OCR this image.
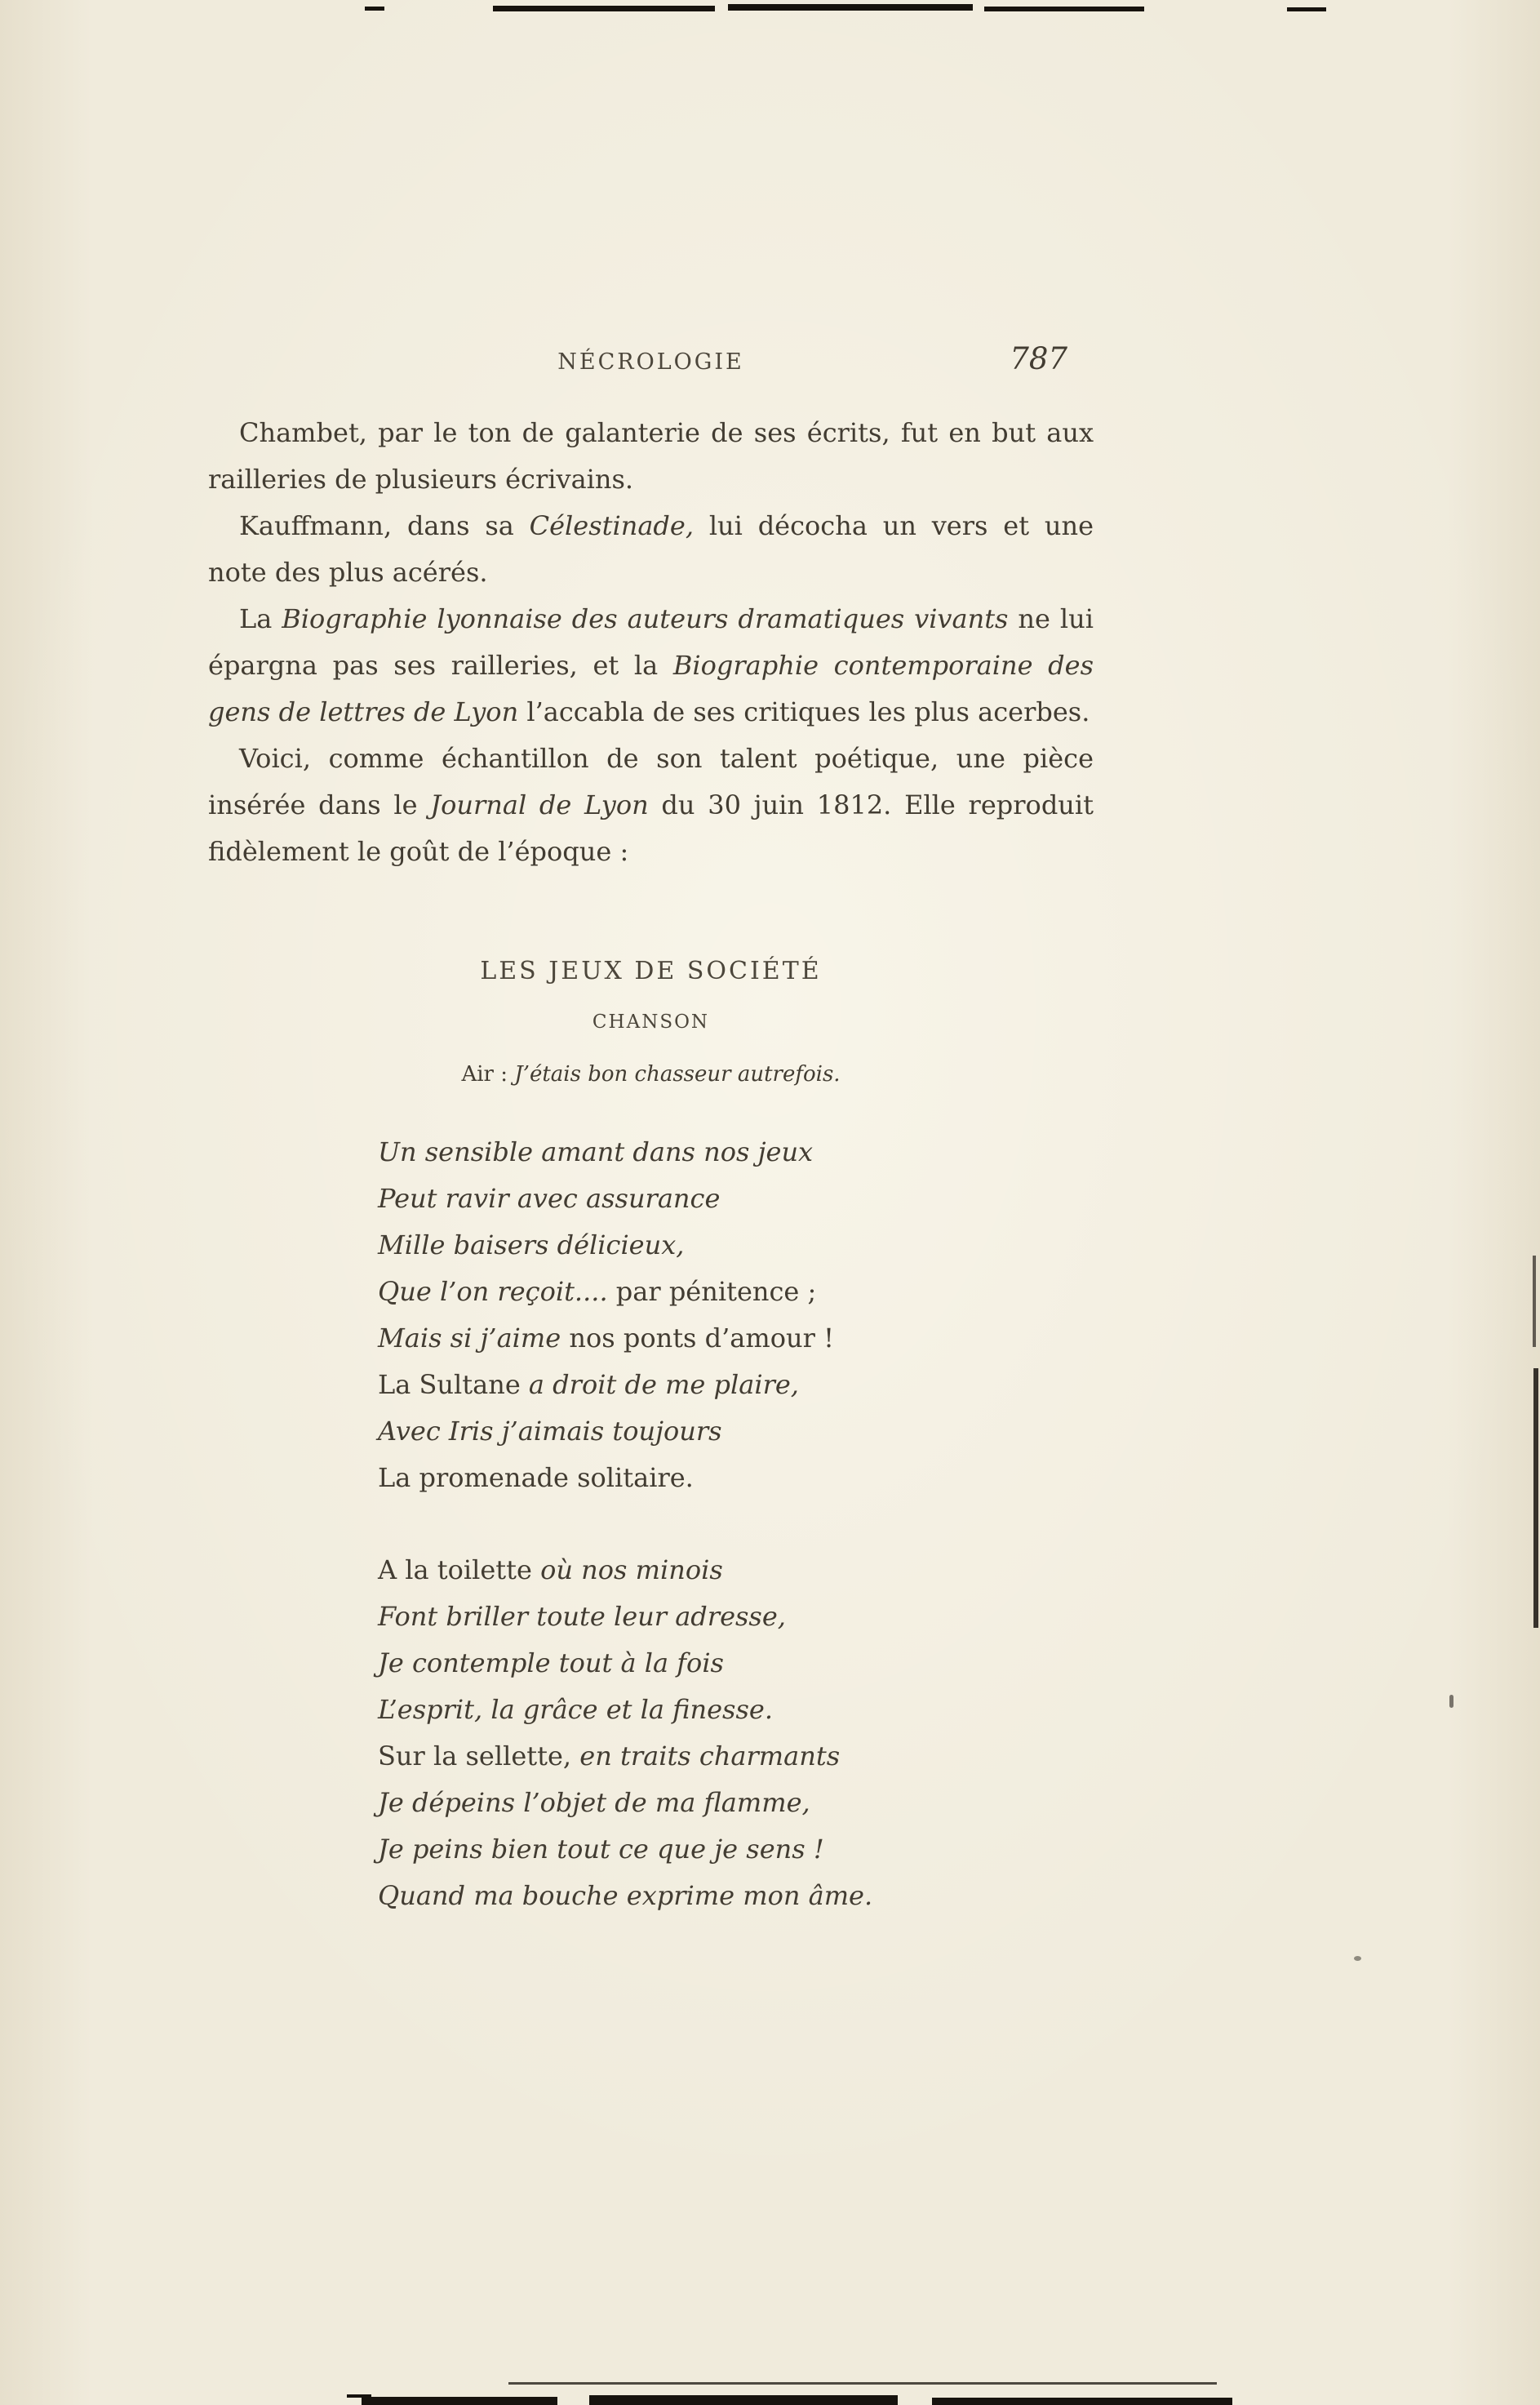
NÉCROLOGIE	787

Chambet, par le ton de galanterie de ses écrits, fut en but aux railleries de plusieurs écrivains.

Kauffmann, dans sa Célestinade, lui décocha un vers et une note des plus acérés.

La Biographie lyonnaise des auteurs dramatiques vivants ne lui épargna pas ses railleries, et la Biographie contemporaine des gens de lettres de Lyon l’accabla de ses critiques les plus acerbes.

Voici, comme échantillon de son talent poétique, une pièce insérée dans le Journal de Lyon du 30 juin 1812. Elle reproduit fidèlement le goût de l’époque :

LES JEUX DE SOCIÉTÉ
CHANSON
Air : J’étais bon chasseur autrefois.
Un sensible amant dans nos jeux
Peut ravir avec assurance
Mille baisers délicieux,
Que l’on reçoit.... par pénitence ;
Mais si j’aime nos ponts d’amour !
La Sultane a droit de me plaire,
Avec Iris j’aimais toujours
La promenade solitaire.
A la toilette où nos minois
Font briller toute leur adresse,
Je contemple tout à la fois
L’esprit, la grâce et la finesse.
Sur la sellette, en traits charmants
Je dépeins l’objet de ma flamme,
Je peins bien tout ce que je sens !
Quand ma bouche exprime mon âme.
